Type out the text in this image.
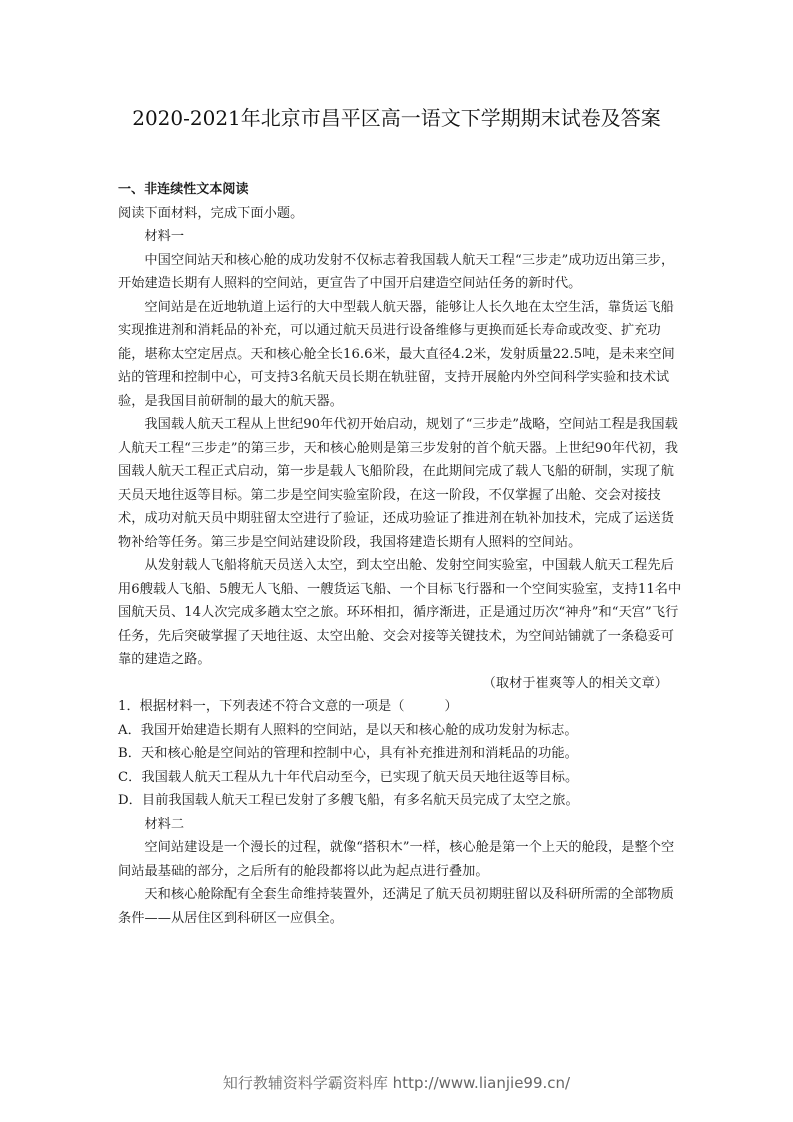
2020-2021年北京市昌平区高一语文下学期期末试卷及答案

一、非连续性文本阅读

阅读下面材料，完成下面小题。

材料一

中国空间站天和核心舱的成功发射不仅标志着我国载人航天工程“三步走”成功迈出第三步，开始建造长期有人照料的空间站，更宣告了中国开启建造空间站任务的新时代。

空间站是在近地轨道上运行的大中型载人航天器，能够让人长久地在太空生活，靠货运飞船实现推进剂和消耗品的补充，可以通过航天员进行设备维修与更换而延长寿命或改变、扩充功能，堪称太空定居点。天和核心舱全长16.6米，最大直径4.2米，发射质量22.5吨，是未来空间站的管理和控制中心，可支持3名航天员长期在轨驻留，支持开展舱内外空间科学实验和技术试验，是我国目前研制的最大的航天器。

我国载人航天工程从上世纪90年代初开始启动，规划了“三步走”战略，空间站工程是我国载人航天工程“三步走”的第三步，天和核心舱则是第三步发射的首个航天器。上世纪90年代初，我国载人航天工程正式启动，第一步是载人飞船阶段，在此期间完成了载人飞船的研制，实现了航天员天地往返等目标。第二步是空间实验室阶段，在这一阶段，不仅掌握了出舱、交会对接技术，成功对航天员中期驻留太空进行了验证，还成功验证了推进剂在轨补加技术，完成了运送货物补给等任务。第三步是空间站建设阶段，我国将建造长期有人照料的空间站。

从发射载人飞船将航天员送入太空，到太空出舱、发射空间实验室，中国载人航天工程先后用6艘载人飞船、5艘无人飞船、一艘货运飞船、一个目标飞行器和一个空间实验室，支持11名中国航天员、14人次完成多趟太空之旅。环环相扣，循序渐进，正是通过历次“神舟”和“天宫”飞行任务，先后突破掌握了天地往返、太空出舱、交会对接等关键技术，为空间站铺就了一条稳妥可靠的建造之路。

（取材于崔爽等人的相关文章）

1．根据材料一，下列表述不符合文意的一项是（	）

A．我国开始建造长期有人照料的空间站，是以天和核心舱的成功发射为标志。

B．天和核心舱是空间站的管理和控制中心，具有补充推进剂和消耗品的功能。

C．我国载人航天工程从九十年代启动至今，已实现了航天员天地往返等目标。

D．目前我国载人航天工程已发射了多艘飞船，有多名航天员完成了太空之旅。

材料二

空间站建设是一个漫长的过程，就像“搭积木”一样，核心舱是第一个上天的舱段，是整个空间站最基础的部分，之后所有的舱段都将以此为起点进行叠加。

天和核心舱除配有全套生命维持装置外，还满足了航天员初期驻留以及科研所需的全部物质条件——从居住区到科研区一应俱全。

知行教辅资料学霸资料库 http://www.lianjie99.cn/
